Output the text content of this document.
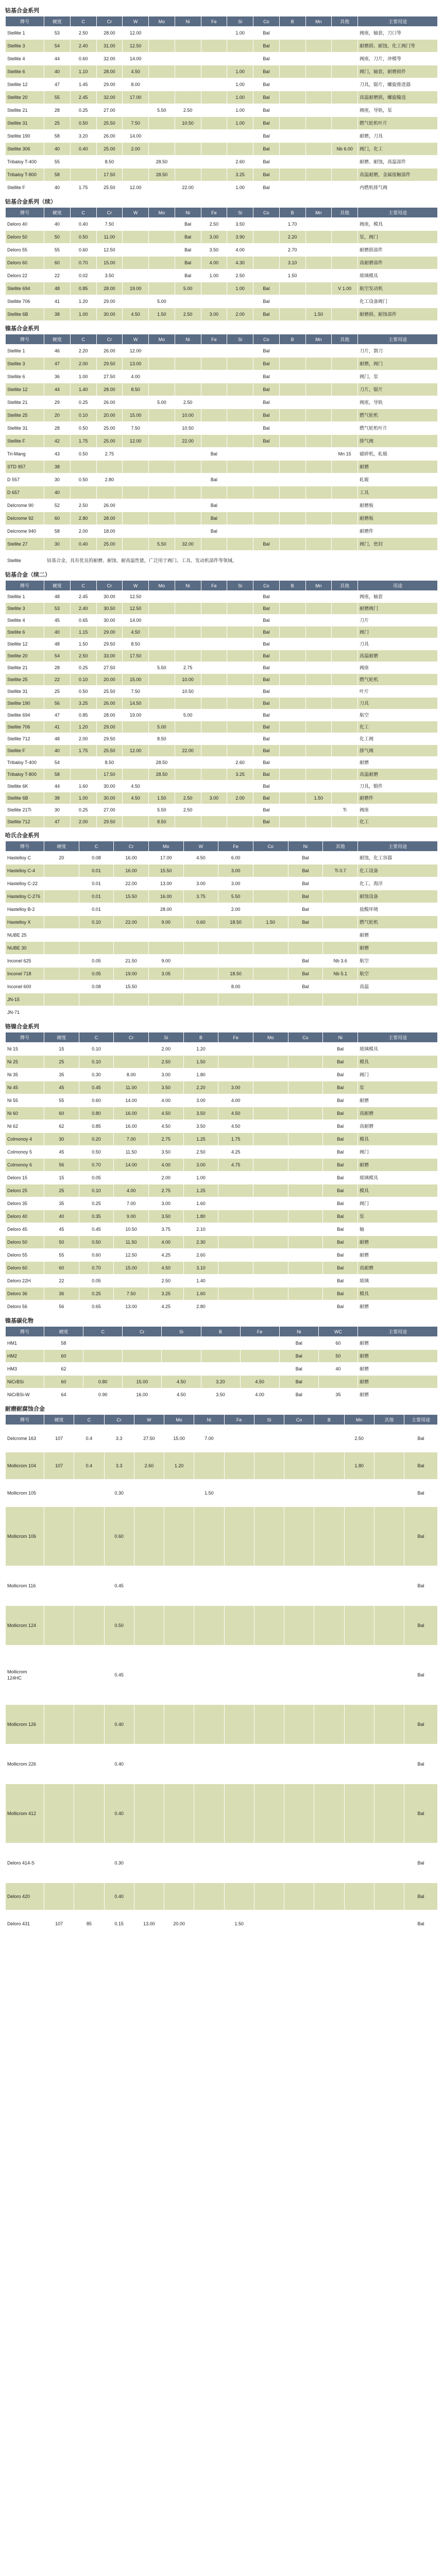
钴基合金系列
牌号	硬度	C	Cr	W	Mo	Ni	Fe	Si	Co	B	Mn	其他	主要用途
Stellite 1	53	2.50	28.00	12.00				1.00	Bal				阀座，轴套，刀口等
Stellite 3	54	2.40	31.00	12.50					Bal				耐磨损、耐蚀，化工阀门等
Stellite 4	44	0.60	32.00	14.00					Bal				阀座，刀片，冲模等
Stellite 6	40	1.10	28.00	4.50				1.00	Bal				阀门，轴套，耐磨损件
Stellite 12	47	1.45	29.00	8.00				1.00	Bal				刀具，锯片，螺旋推进器
Stellite 20	55	2.45	32.00	17.00				1.00	Bal				高温耐磨损，螺旋输送
Stellite 21	28	0.25	27.00		5.50	2.50		1.00	Bal				阀座，导轨，泵
Stellite 31	25	0.50	25.50	7.50		10.50		1.00	Bal				燃气轮机叶片
Stellite 190	58	3.20	26.00	14.00					Bal				耐磨，刀具
Stellite 306	40	0.40	25.00	2.00					Bal			Nb 6.00	阀门，化工
Tribaloy T-400	55		8.50		28.50			2.60	Bal				耐磨、耐蚀，高温部件
Tribaloy T-800	58		17.50		28.50			3.25	Bal				高温耐磨，金属接触部件
Stellite F	40	1.75	25.50	12.00		22.00		1.00	Bal				内燃机排气阀
钴基合金系列（续）
牌号	硬度	C	Cr	W	Mo	Ni	Fe	Si	Co	B	Mn	其他	主要用途
Deloro 40	40	0.40	7.50			Bal	2.50	3.50		1.70			阀座，模具
Deloro 50	50	0.50	11.00			Bal	3.00	3.90		2.20			泵，阀门
Deloro 55	55	0.60	12.50			Bal	3.50	4.00		2.70			耐磨损部件
Deloro 60	60	0.70	15.00			Bal	4.00	4.30		3.10			高耐磨部件
Deloro 22	22	0.02	3.50			Bal	1.00	2.50		1.50			玻璃模具
Stellite 694	48	0.85	28.00	19.00		5.00		1.00	Bal			V 1.00	航空发动机
Stellite 706	41	1.20	29.00		5.00				Bal				化工设备阀门
Stellite 6B	38	1.00	30.00	4.50	1.50	2.50	3.00	2.00	Bal		1.50		耐磨损、耐蚀部件
镍基合金系列
牌号	硬度	C	Cr	W	Mo	Ni	Fe	Si	Co	B	Mn	其他	主要用途
Stellite 1	46	2.20	26.00	12.00					Bal				刀片，割刀
Stellite 3	47	2.00	29.50	13.00					Bal				耐磨，阀门
Stellite 6	36	1.00	27.50	4.00					Bal				阀门，泵
Stellite 12	44	1.40	28.00	8.50					Bal				刀片，锯片
Stellite 21	29	0.25	26.00		5.00	2.50			Bal				阀座，导轨
Stellite 25	20	0.10	20.00	15.00		10.00			Bal				燃气轮机
Stellite 31	28	0.50	25.00	7.50		10.50			Bal				燃气轮机叶片
Stellite F	42	1.75	25.00	12.00		22.00			Bal				排气阀
Tri-Mang	43	0.50	2.75				Bal					Mn 15	破碎机，轧辊
STD 957	38												耐磨
D 557	30	0.50	2.80				Bal						轧辊
D 657	40												工具
Delcrome 90	52	2.50	26.00				Bal						耐磨板
Delcrome 92	60	2.80	28.00				Bal						耐磨板
Delcrome 940	58	2.00	18.00				Bal						耐磨件
Stellite 27	30	0.40	25.00		5.50	32.00			Bal				阀门，密封
Stellite	钴基合金，具有优良的耐磨、耐蚀、耐高温性能，广泛用于阀门、工具、发动机部件等领域。
钴基合金（续二）
牌号	硬度	C	Cr	W	Mo	Ni	Fe	Si	Co	B	Mn	其他	用途
Stellite 1	48	2.45	30.00	12.50					Bal				阀座，轴套
Stellite 3	53	2.40	30.50	12.50					Bal				耐磨阀门
Stellite 4	45	0.65	30.00	14.00					Bal				刀片
Stellite 6	40	1.15	29.00	4.50					Bal				阀门
Stellite 12	48	1.50	29.50	8.50					Bal				刀具
Stellite 20	54	2.50	33.00	17.50					Bal				高温耐磨
Stellite 21	28	0.25	27.50		5.50	2.75			Bal				阀座
Stellite 25	22	0.10	20.00	15.00		10.00			Bal				燃气轮机
Stellite 31	25	0.50	25.50	7.50		10.50			Bal				叶片
Stellite 190	56	3.25	26.00	14.50					Bal				刀具
Stellite 694	47	0.85	28.00	19.00		5.00			Bal				航空
Stellite 706	41	1.20	29.00		5.00				Bal				化工
Stellite 712	48	2.00	29.50		8.50				Bal				化工阀
Stellite F	40	1.75	25.50	12.00		22.00			Bal				排气阀
Tribaloy T-400	54		8.50		28.50			2.60	Bal				耐磨
Tribaloy T-800	58		17.50		28.50			3.25	Bal				高温耐磨
Stellite 6K	44	1.60	30.00	4.50					Bal				刀具，锻件
Stellite 6B	38	1.00	30.00	4.50	1.50	2.50	3.00	2.00	Bal		1.50		耐磨件
Stellite 21Ti	30	0.25	27.00		5.50	2.50			Bal			Ti	阀座
Stellite 712	47	2.00	29.50		8.50				Bal				化工
哈氏合金系列
牌号	硬度	C	Cr	Mo	W	Fe	Co	Ni	其他	主要用途
Hastelloy C	20	0.08	16.00	17.00	4.50	6.00		Bal		耐蚀，化工容器
Hastelloy C-4		0.01	16.00	15.50		3.00		Bal	Ti 0.7	化工设备
Hastelloy C-22		0.01	22.00	13.00	3.00	3.00		Bal		化工，海洋
Hastelloy C-276		0.01	15.50	16.00	3.75	5.50		Bal		耐蚀设备
Hastelloy B-2		0.01		28.00		2.00		Bal		盐酸环境
Hastelloy X		0.10	22.00	9.00	0.60	18.50	1.50	Bal		燃气轮机
NUBE 25										耐磨
NUBE 30										耐磨
Inconel 625		0.05	21.50	9.00				Bal	Nb 3.6	航空
Inconel 718		0.05	19.00	3.05		18.50		Bal	Nb 5.1	航空
Inconel 600		0.08	15.50			8.00		Bal		高温
JN-15										
JN-71										
铬镍合金系列
牌号	硬度	C	Cr	Si	B	Fe	Mo	Cu	Ni	主要用途
Ni 15	15	0.10		2.00	1.20				Bal	玻璃模具
Ni 25	25	0.10		2.50	1.50				Bal	模具
Ni 35	35	0.30	8.00	3.00	1.80				Bal	阀门
Ni 45	45	0.45	11.00	3.50	2.20	3.00			Bal	泵
Ni 55	55	0.60	14.00	4.00	3.00	4.00			Bal	耐磨
Ni 60	60	0.80	16.00	4.50	3.50	4.50			Bal	高耐磨
Ni 62	62	0.85	16.00	4.50	3.50	4.50			Bal	高耐磨
Colmonoy 4	30	0.20	7.00	2.75	1.25	1.75			Bal	模具
Colmonoy 5	45	0.50	11.50	3.50	2.50	4.25			Bal	阀门
Colmonoy 6	56	0.70	14.00	4.00	3.00	4.75			Bal	耐磨
Deloro 15	15	0.05		2.00	1.00				Bal	玻璃模具
Deloro 25	25	0.10	4.00	2.75	1.25				Bal	模具
Deloro 35	35	0.25	7.00	3.00	1.60				Bal	阀门
Deloro 40	40	0.35	9.00	3.50	1.80				Bal	泵
Deloro 45	45	0.45	10.50	3.75	2.10				Bal	轴
Deloro 50	50	0.50	11.50	4.00	2.30				Bal	耐磨
Deloro 55	55	0.60	12.50	4.25	2.60				Bal	耐磨
Deloro 60	60	0.70	15.00	4.50	3.10				Bal	高耐磨
Deloro 22H	22	0.05		2.50	1.40				Bal	玻璃
Deloro 36	36	0.25	7.50	3.25	1.60				Bal	模具
Deloro 56	56	0.65	13.00	4.25	2.80				Bal	耐磨
镍基碳化物
牌号	硬度	C	Cr	Si	B	Fe	Ni	WC	主要用途
HM1	58						Bal	60	耐磨
HM2	60						Bal	50	耐磨
HM3	62						Bal	40	耐磨
NiCrBSi	60	0.80	15.00	4.50	3.20	4.50	Bal		耐磨
NiCrBSi-W	64	0.90	16.00	4.50	3.50	4.00	Bal	35	耐磨
耐磨耐腐蚀合金
牌号	硬度	C	Cr	W	Mo	Ni	Fe	Si	Co	B	Mn	其他	主要用途
Delcrome 163	107	0.4	3.3	27.50	15.00	7.00					2.50		Bal
Mollicrom 104	107	0.4	3.3	2.60	1.20						1.80		Bal
Mollicrom 105			0.30			1.50							Bal
Mollicrom 106			0.60										Bal
Mollicrom 116			0.45										Bal
Mollicrom 124			0.50										Bal
Mollicrom 124HC			0.45										Bal
Mollicrom 126			0.40										Bal
Mollicrom 226			0.40										Bal
Mollicrom 412			0.40										Bal
Deloro 414-S			0.30										Bal
Deloro 420			0.40										Bal
Deloro 431	107	85	0.15	13.00	20.00		1.50						Bal
